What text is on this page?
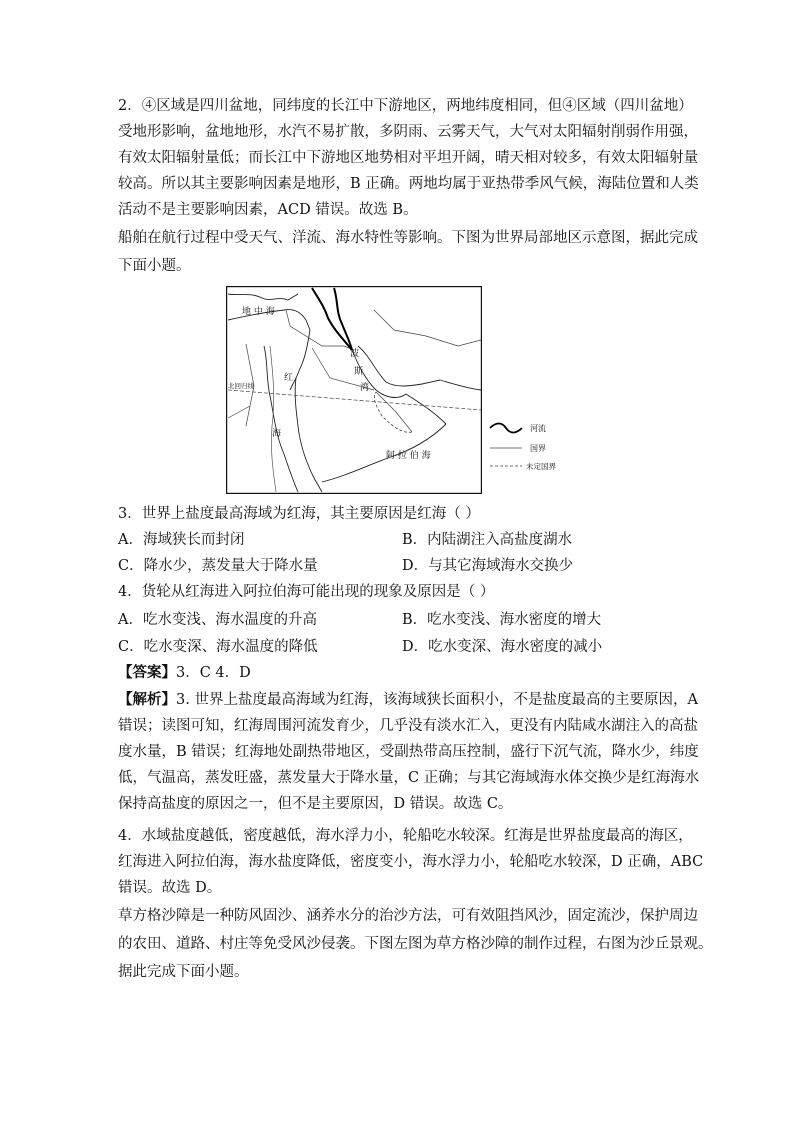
2．④区域是四川盆地，同纬度的长江中下游地区，两地纬度相同，但④区域（四川盆地）
受地形影响，盆地地形，水汽不易扩散，多阴雨、云雾天气，大气对太阳辐射削弱作用强，
有效太阳辐射量低；而长江中下游地区地势相对平坦开阔，晴天相对较多，有效太阳辐射量
较高。所以其主要影响因素是地形，B 正确。两地均属于亚热带季风气候，海陆位置和人类
活动不是主要影响因素，ACD 错误。故选 B。
船舶在航行过程中受天气、洋流、海水特性等影响。下图为世界局部地区示意图，据此完成
下面小题。
地 中 海
北回归线
红
海
波
斯
湾
阿 拉 伯 海
河流
国界
未定国界
3．世界上盐度最高海域为红海，其主要原因是红海（ ）
A．海域狭长而封闭	B．内陆湖注入高盐度湖水
C．降水少，蒸发量大于降水量	D．与其它海域海水交换少
4．货轮从红海进入阿拉伯海可能出现的现象及原因是（ ）
A．吃水变浅、海水温度的升高	B．吃水变浅、海水密度的增大
C．吃水变深、海水温度的降低	D．吃水变深、海水密度的减小
【答案】3．C 4．D
【解析】3. 世界上盐度最高海域为红海，该海域狭长面积小，不是盐度最高的主要原因，A
错误；读图可知，红海周围河流发育少，几乎没有淡水汇入，更没有内陆咸水湖注入的高盐
度水量，B 错误；红海地处副热带地区，受副热带高压控制，盛行下沉气流，降水少，纬度
低，气温高，蒸发旺盛，蒸发量大于降水量，C 正确；与其它海域海水体交换少是红海海水
保持高盐度的原因之一，但不是主要原因，D 错误。故选 C。
4．水域盐度越低，密度越低，海水浮力小，轮船吃水较深。红海是世界盐度最高的海区，
红海进入阿拉伯海，海水盐度降低，密度变小，海水浮力小，轮船吃水较深，D 正确，ABC
错误。故选 D。
草方格沙障是一种防风固沙、涵养水分的治沙方法，可有效阻挡风沙，固定流沙，保护周边
的农田、道路、村庄等免受风沙侵袭。下图左图为草方格沙障的制作过程，右图为沙丘景观。
据此完成下面小题。
